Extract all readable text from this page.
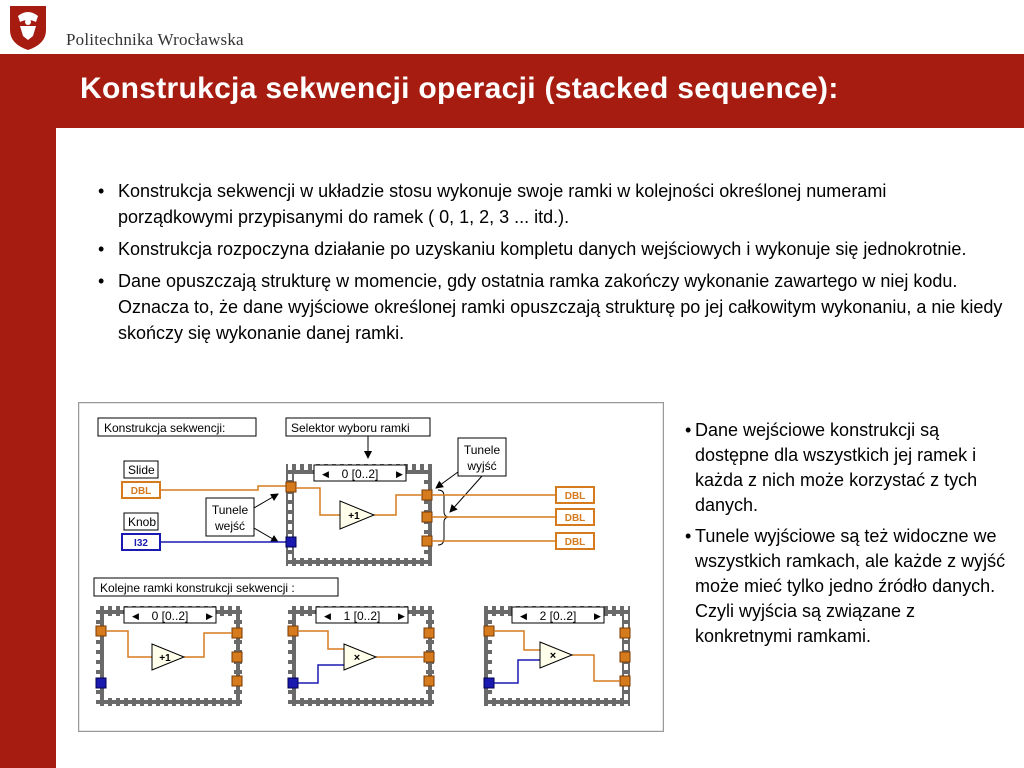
Politechnika Wrocławska
Konstrukcja sekwencji operacji (stacked sequence):
• Konstrukcja sekwencji w układzie stosu wykonuje swoje ramki w kolejności określonej numerami porządkowymi przypisanymi do ramek ( 0, 1, 2, 3 ... itd.).
• Konstrukcja rozpoczyna działanie po uzyskaniu kompletu danych wejściowych i wykonuje się jednokrotnie.
• Dane opuszczają strukturę w momencie, gdy ostatnia ramka zakończy wykonanie zawartego w niej kodu. Oznacza to, że dane wyjściowe określonej ramki opuszczają strukturę po jej całkowitym wykonaniu, a nie kiedy skończy się wykonanie danej ramki.
Konstrukcja sekwencji:	Selektor wyboru ramki
Tunele
wyjść
Slide
DBL
Knob
I32
Tunele
wejść
◀	▶
0 [0..2]
+1
DBL
DBL
DBL
Kolejne ramki konstrukcji sekwencji :
◀	▶
0 [0..2]
+1
◀	▶
1 [0..2]
×
◀	▶
2 [0..2]
×
• Dane wejściowe konstrukcji są dostępne dla wszystkich jej ramek i każda z nich może korzystać z tych danych.
• Tunele wyjściowe są też widoczne we wszystkich ramkach, ale każde z wyjść może mieć tylko jedno źródło danych. Czyli wyjścia są związane z konkretnymi ramkami.
